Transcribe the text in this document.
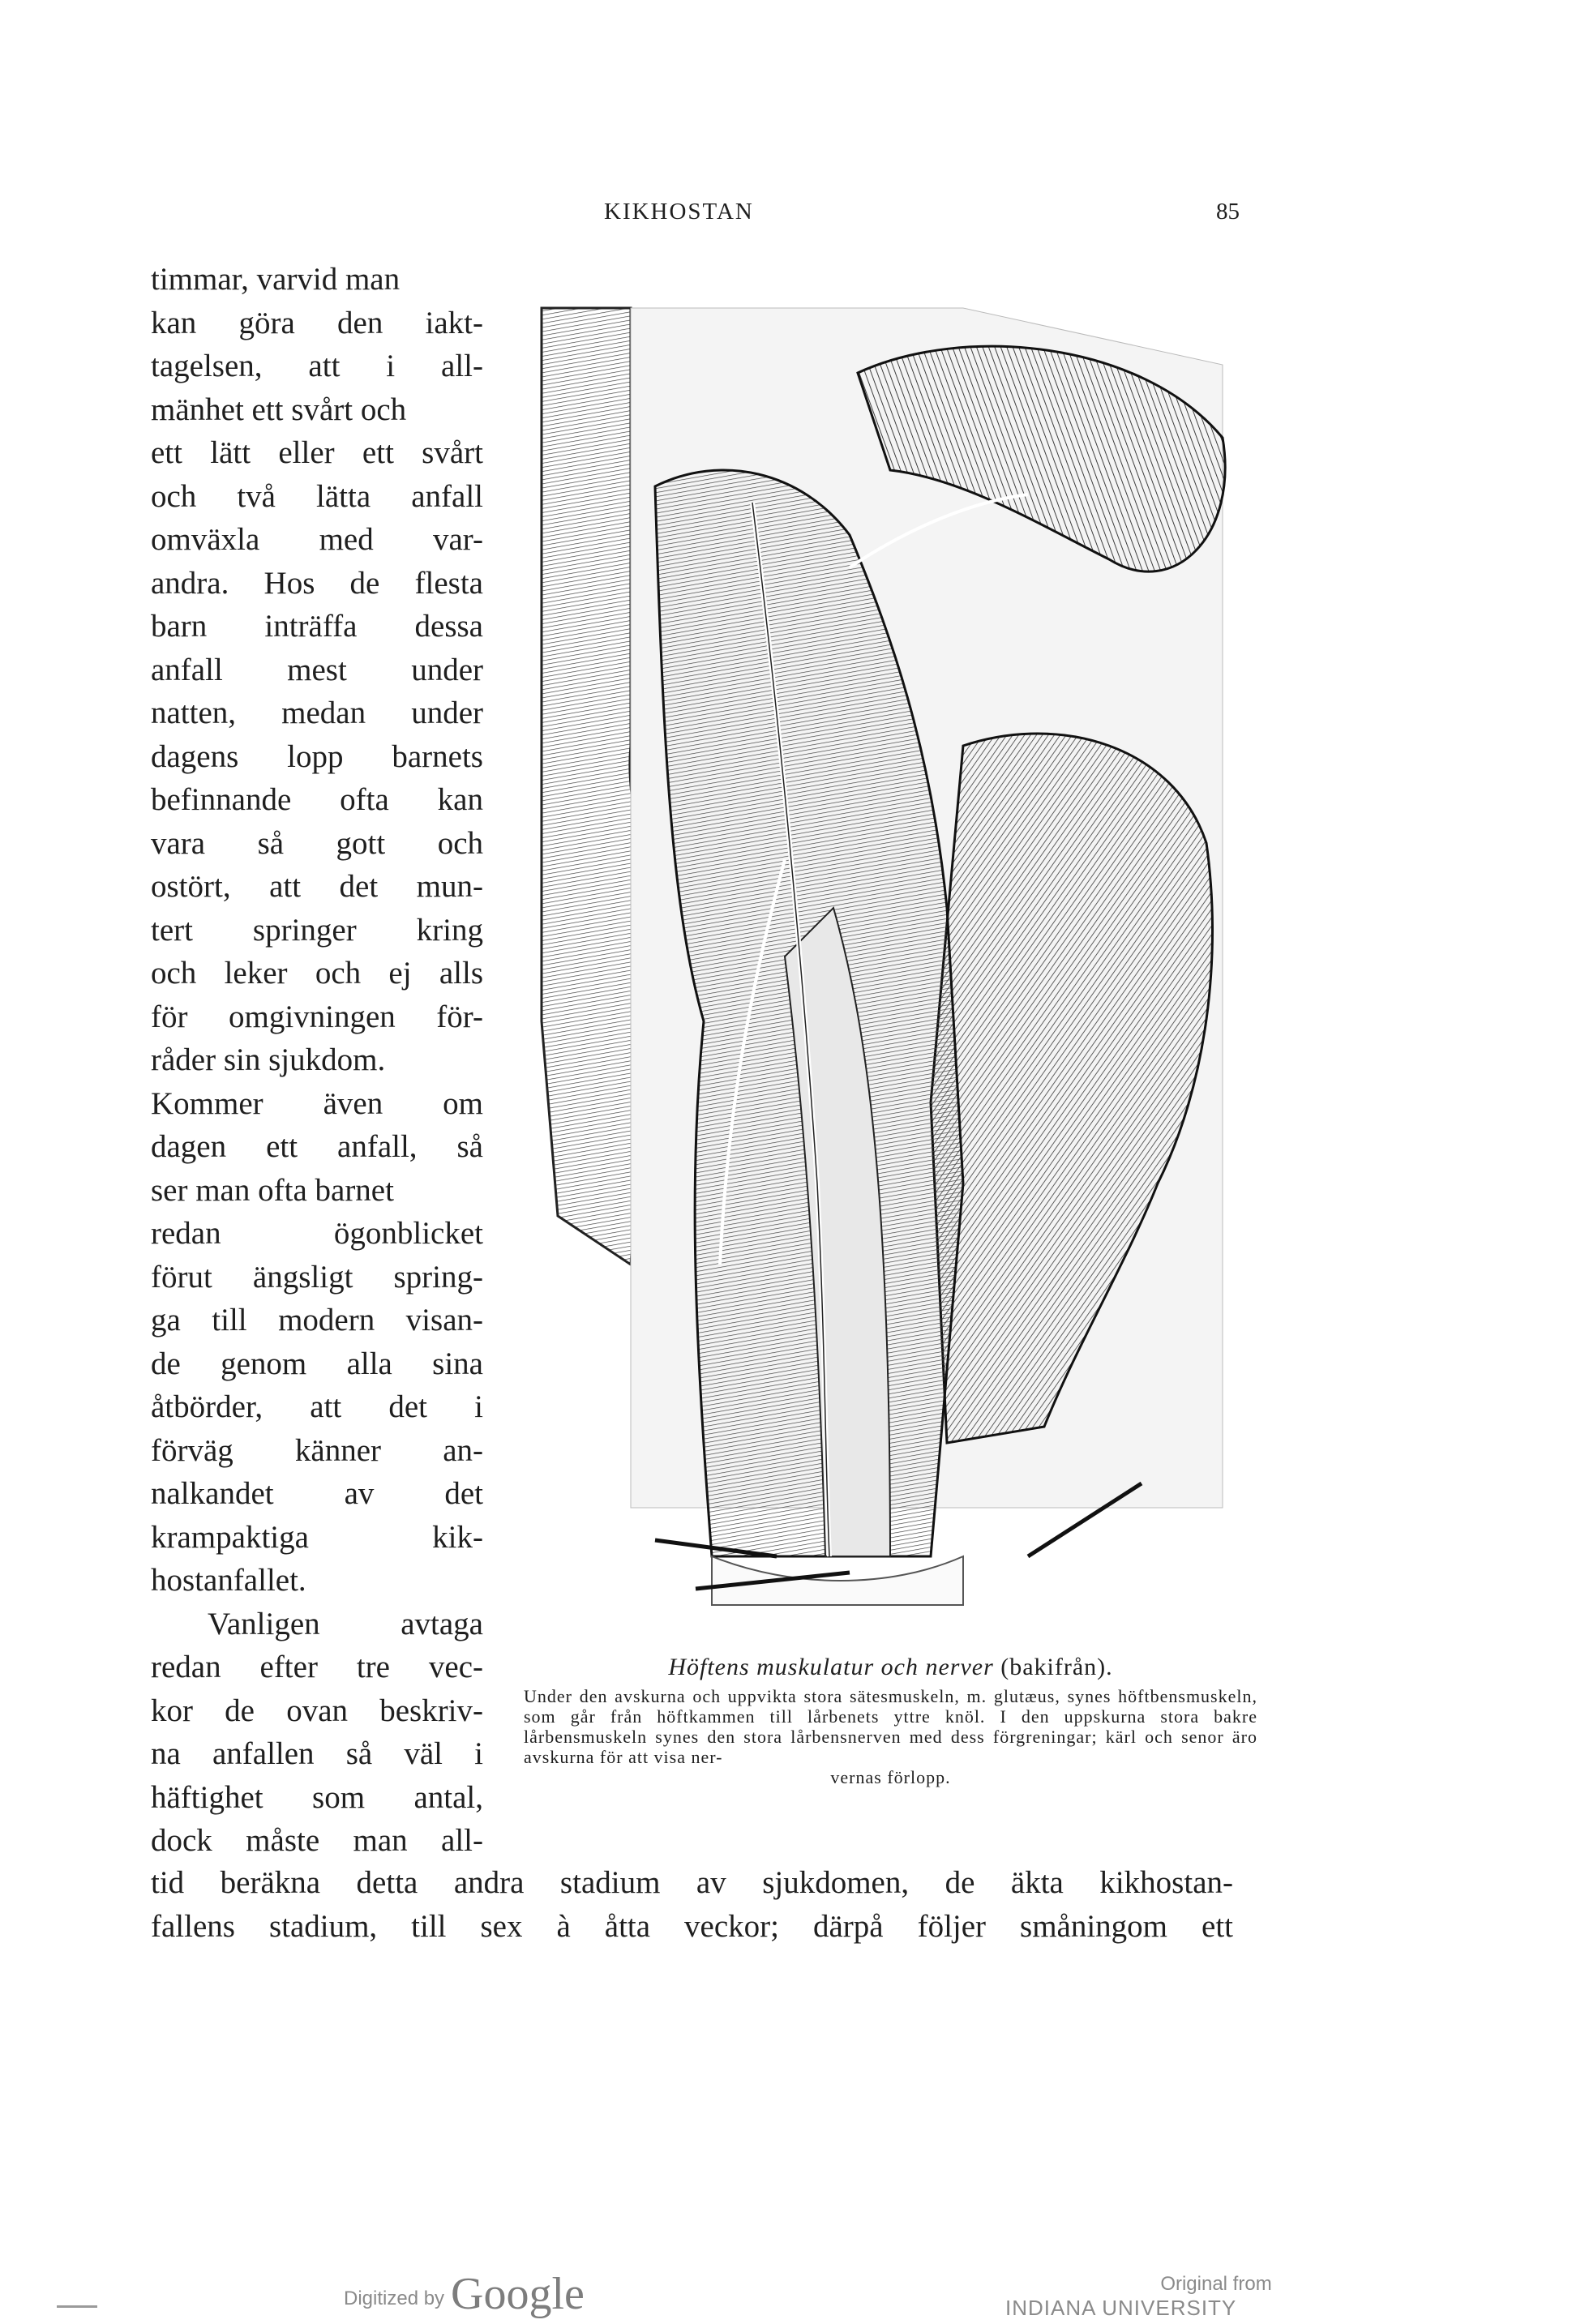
KIKHOSTAN	85
timmar, varvid man
kan göra den iakt-
tagelsen, att i all-
mänhet ett svårt och
ett lätt eller ett svårt
och två lätta anfall
omväxla med var-
andra. Hos de flesta
barn inträffa dessa
anfall mest under
natten, medan under
dagens lopp barnets
befinnande ofta kan
vara så gott och
ostört, att det mun-
tert springer kring
och leker och ej alls
för omgivningen för-
råder sin sjukdom.
Kommer även om
dagen ett anfall, så
ser man ofta barnet
redan ögonblicket
förut ängsligt spring-
ga till modern visan-
de genom alla sina
åtbörder, att det i
förväg känner an-
nalkandet av det
krampaktiga kik-
hostanfallet.
Vanligen avtaga
redan efter tre vec-
kor de ovan beskriv-
na anfallen så väl i
häftighet som antal,
dock måste man all-
Höftens muskulatur och nerver (bakifrån).
Under den avskurna och uppvikta stora sätesmuskeln, m. glutæus, synes höftbensmuskeln, som går från höftkammen till lårbenets yttre knöl. I den uppskurna stora bakre lårbensmuskeln synes den stora lårbensnerven med dess förgreningar; kärl och senor äro avskurna för att visa ner-
vernas förlopp.
tid beräkna detta andra stadium av sjukdomen, de äkta kikhostan-
fallens stadium, till sex à åtta veckor; därpå följer småningom ett
Digitized by Google	Original from
INDIANA UNIVERSITY
